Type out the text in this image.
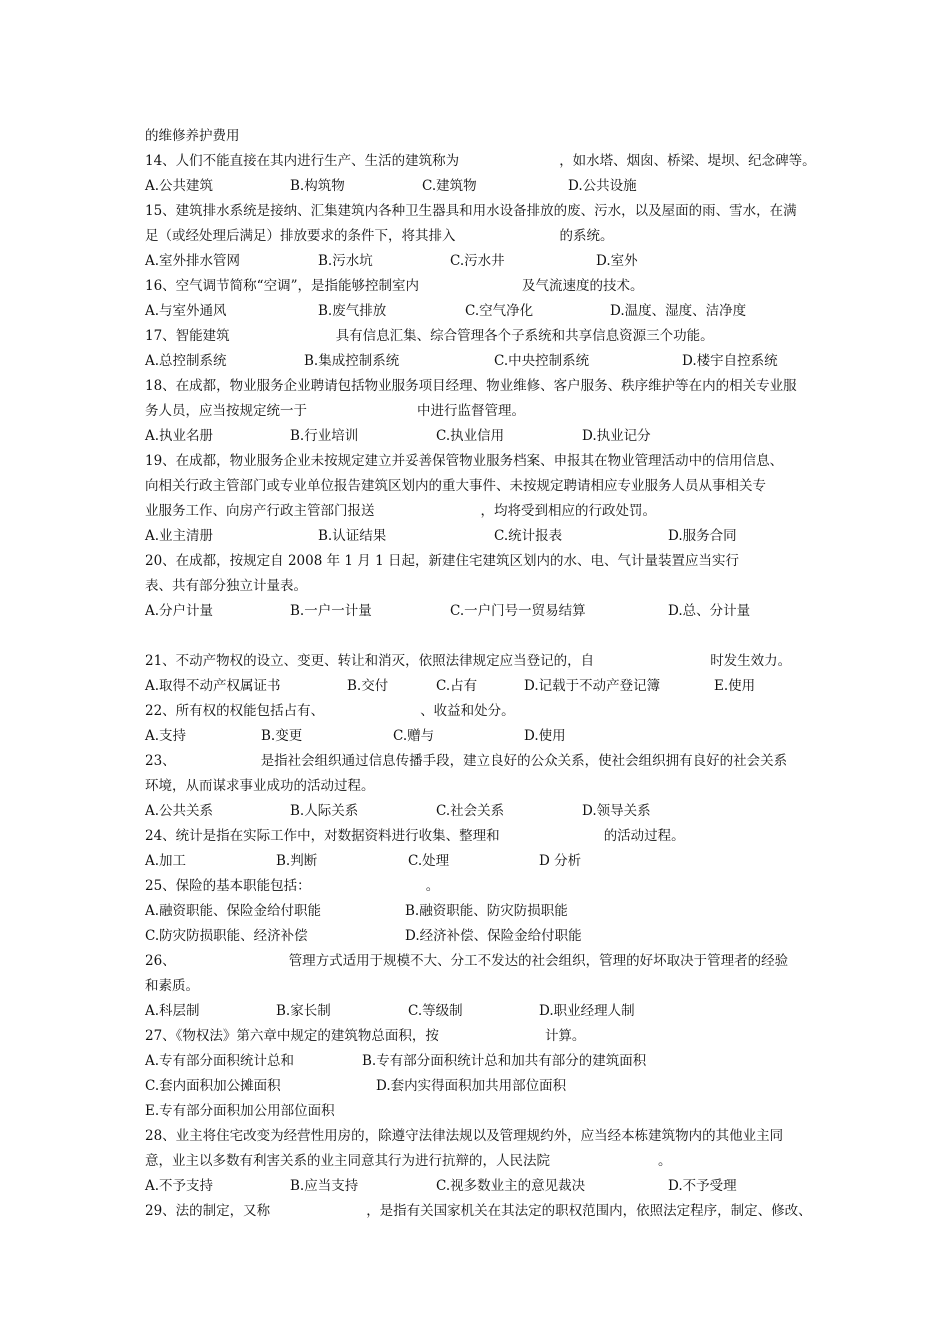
的维修养护费用
14、人们不能直接在其内进行生产、生活的建筑称为	，如水塔、烟囱、桥梁、堤坝、纪念碑等。
A.公共建筑	B.构筑物	C.建筑物	D.公共设施
15、建筑排水系统是接纳、汇集建筑内各种卫生器具和用水设备排放的废、污水，以及屋面的雨、雪水，在满
足（或经处理后满足）排放要求的条件下，将其排入	的系统。
A.室外排水管网	B.污水坑	C.污水井	D.室外
16、空气调节简称“空调”，是指能够控制室内	及气流速度的技术。
A.与室外通风	B.废气排放	C.空气净化	D.温度、湿度、洁净度
17、智能建筑	具有信息汇集、综合管理各个子系统和共享信息资源三个功能。
A.总控制系统	B.集成控制系统	C.中央控制系统	D.楼宇自控系统
18、在成都，物业服务企业聘请包括物业服务项目经理、物业维修、客户服务、秩序维护等在内的相关专业服
务人员，应当按规定统一于	中进行监督管理。
A.执业名册	B.行业培训	C.执业信用	D.执业记分
19、在成都，物业服务企业未按规定建立并妥善保管物业服务档案、申报其在物业管理活动中的信用信息、
向相关行政主管部门或专业单位报告建筑区划内的重大事件、未按规定聘请相应专业服务人员从事相关专
业服务工作、向房产行政主管部门报送	，均将受到相应的行政处罚。
A.业主清册	B.认证结果	C.统计报表	D.服务合同
20、在成都，按规定自 2008 年 1 月 1 日起，新建住宅建筑区划内的水、电、气计量装置应当实行
表、共有部分独立计量表。
A.分户计量	B.一户一计量	C.一户门号一贸易结算	D.总、分计量
21、不动产物权的设立、变更、转让和消灭，依照法律规定应当登记的，自	时发生效力。
A.取得不动产权属证书	B.交付	C.占有	D.记载于不动产登记簿	E.使用
22、所有权的权能包括占有、	、收益和处分。
A.支持	B.变更	C.赠与	D.使用
23、	是指社会组织通过信息传播手段，建立良好的公众关系，使社会组织拥有良好的社会关系
环境，从而谋求事业成功的活动过程。
A.公共关系	B.人际关系	C.社会关系	D.领导关系
24、统计是指在实际工作中，对数据资料进行收集、整理和	的活动过程。
A.加工	B.判断	C.处理	D 分析
25、保险的基本职能包括：	。
A.融资职能、保险金给付职能	B.融资职能、防灾防损职能
C.防灾防损职能、经济补偿	D.经济补偿、保险金给付职能
26、	管理方式适用于规模不大、分工不发达的社会组织，管理的好坏取决于管理者的经验
和素质。
A.科层制	B.家长制	C.等级制	D.职业经理人制
27、《物权法》第六章中规定的建筑物总面积，按	计算。
A.专有部分面积统计总和	B.专有部分面积统计总和加共有部分的建筑面积
C.套内面积加公摊面积	D.套内实得面积加共用部位面积
E.专有部分面积加公用部位面积
28、业主将住宅改变为经营性用房的，除遵守法律法规以及管理规约外，应当经本栋建筑物内的其他业主同
意，业主以多数有利害关系的业主同意其行为进行抗辩的，人民法院	。
A.不予支持	B.应当支持	C.视多数业主的意见裁决	D.不予受理
29、法的制定，又称	，是指有关国家机关在其法定的职权范围内，依照法定程序，制定、修改、
